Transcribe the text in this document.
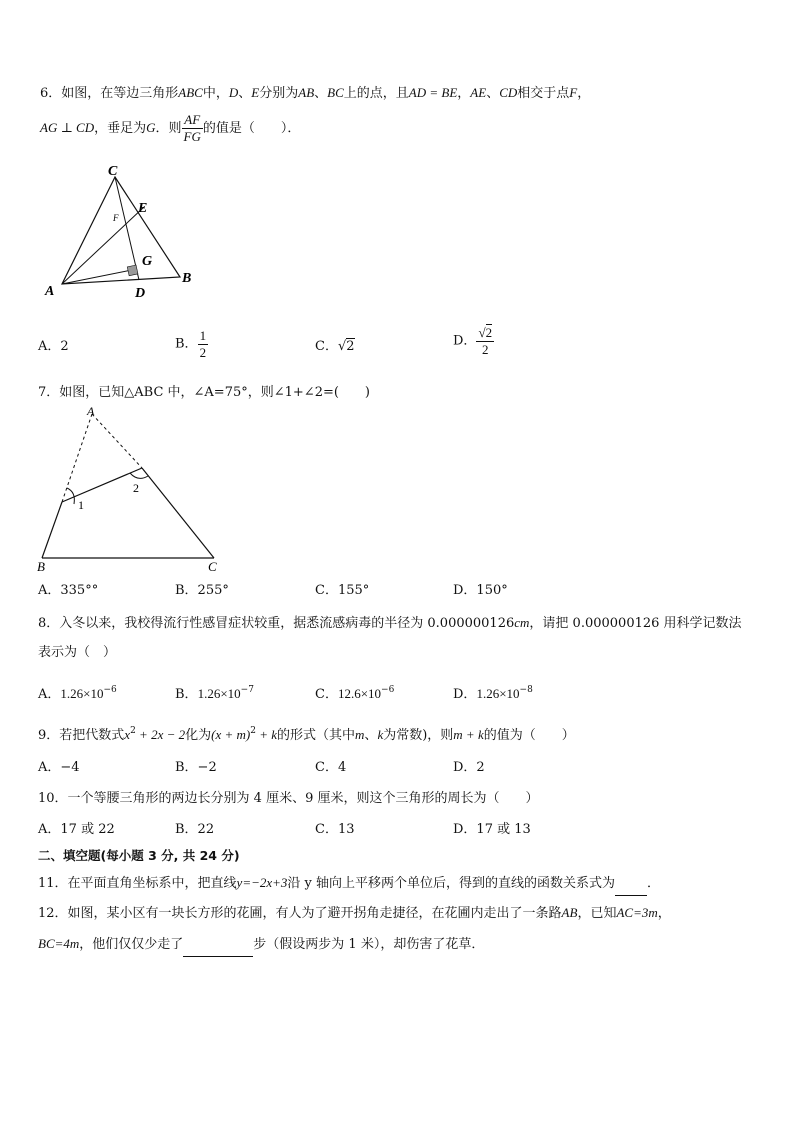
6．如图，在等边三角形ABC中，D、E分别为AB、BC上的点，且AD = BE，AE、CD相交于点F，
AG ⊥ CD，垂足为G．则 $\frac{AF}{FG}$ 的值是（　　）．
C
E
F
G
A	D
B
A．2	B． $\frac{1}{2}$	C．√2	D． $\frac{√2}{2}$
7．如图，已知△ABC 中，∠A=75°，则∠1+∠2=(　　)
A
1
2
B	C
A．335°°	B．255°	C．155°	D．150°
8．入冬以来，我校得流行性感冒症状较重，据悉流感病毒的半径为 0.000000126cm，请把 0.000000126 用科学记数法
表示为（　）
A．$1.26\times 10^{-6}$	B．$1.26\times 10^{-7}$	C．$12.6\times 10^{-6}$	D．$1.26\times 10^{-8}$
9．若把代数式$x^2 + 2x - 2$化为$(x + m)^2 + k$的形式（其中m、k为常数)，则m + k的值为（　　）
A．−4	B．−2	C．4	D．2
10．一个等腰三角形的两边长分别为 4 厘米、9 厘米，则这个三角形的周长为（　　）
A．17 或 22	B．22	C．13	D．17 或 13
二、填空题(每小题 3 分, 共 24 分)
11．在平面直角坐标系中，把直线y=−2x+3沿 y 轴向上平移两个单位后，得到的直线的函数关系式为 ．
12．如图，某小区有一块长方形的花圃，有人为了避开拐角走捷径，在花圃内走出了一条路AB，已知AC=3m，
BC=4m，他们仅仅少走了	步（假设两步为 1 米），却伤害了花草．
